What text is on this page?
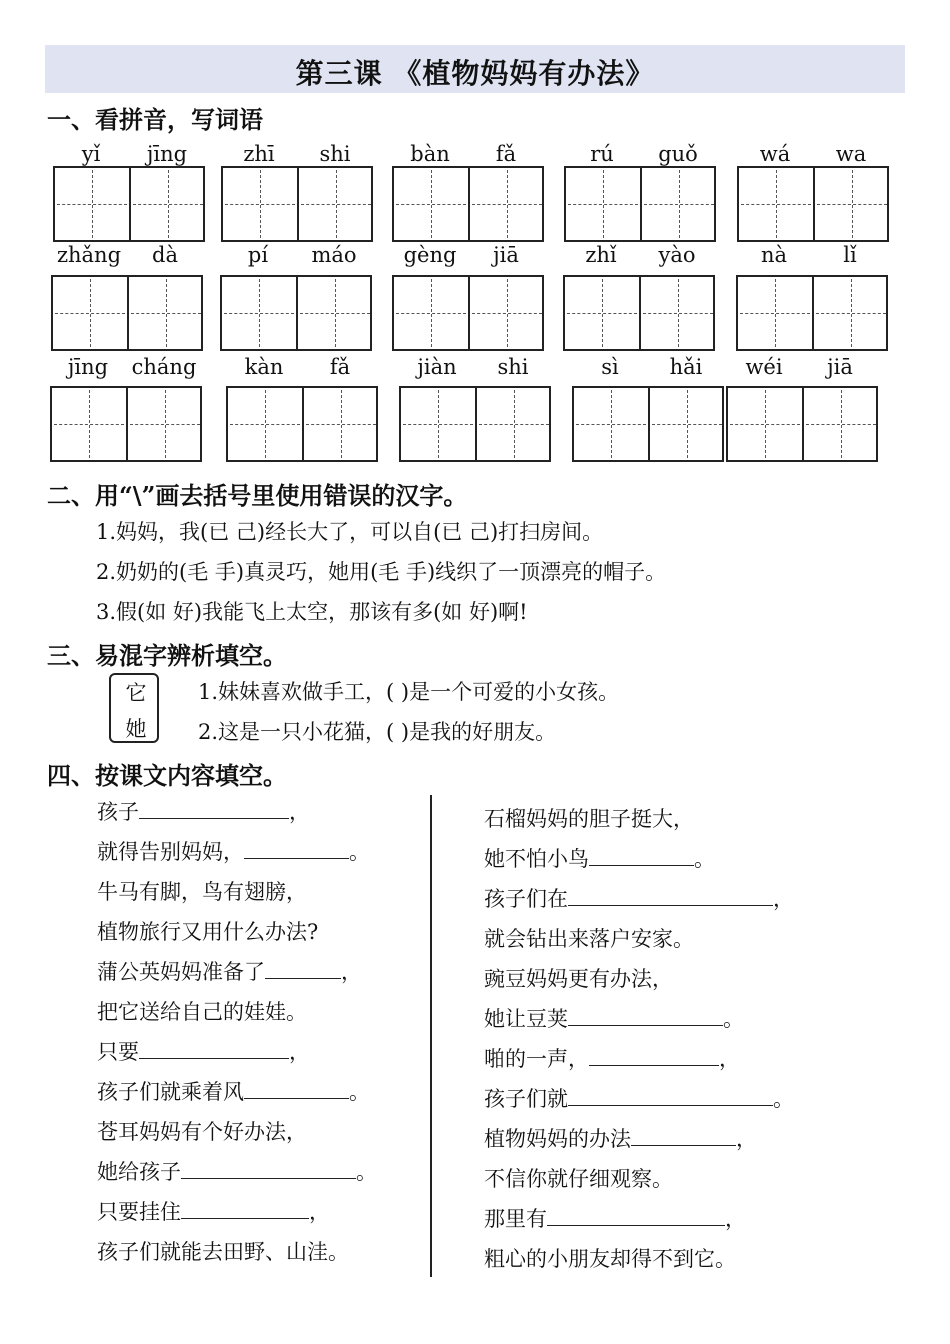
第三课 《植物妈妈有办法》
一、看拼音，写词语
yǐ	jīng	zhī	shi	bàn	fǎ	rú	guǒ	wá	wa
zhǎng	dà	pí	máo	gèng	jiā	zhǐ	yào	nà	lǐ
jīng	cháng	kàn	fǎ	jiàn	shi	sì	hǎi	wéi	jiā
二、用“\”画去括号里使用错误的汉字。
1.妈妈，我(已 己)经长大了，可以自(已 己)打扫房间。
2.奶奶的(毛 手)真灵巧，她用(毛 手)线织了一顶漂亮的帽子。
3.假(如 好)我能飞上太空，那该有多(如 好)啊!
三、易混字辨析填空。
它
她
1.妹妹喜欢做手工，( )是一个可爱的小女孩。
2.这是一只小花猫，( )是我的好朋友。
四、按课文内容填空。
孩子	，
就得告别妈妈，	。
牛马有脚，鸟有翅膀，
植物旅行又用什么办法?
蒲公英妈妈准备了	，
把它送给自己的娃娃。
只要	，
孩子们就乘着风	。
苍耳妈妈有个好办法，
她给孩子	。
只要挂住	，
孩子们就能去田野、山洼。
石榴妈妈的胆子挺大，
她不怕小鸟	。
孩子们在	，
就会钻出来落户安家。
豌豆妈妈更有办法，
她让豆荚	。
啪的一声，	，
孩子们就	。
植物妈妈的办法	，
不信你就仔细观察。
那里有	，
粗心的小朋友却得不到它。
